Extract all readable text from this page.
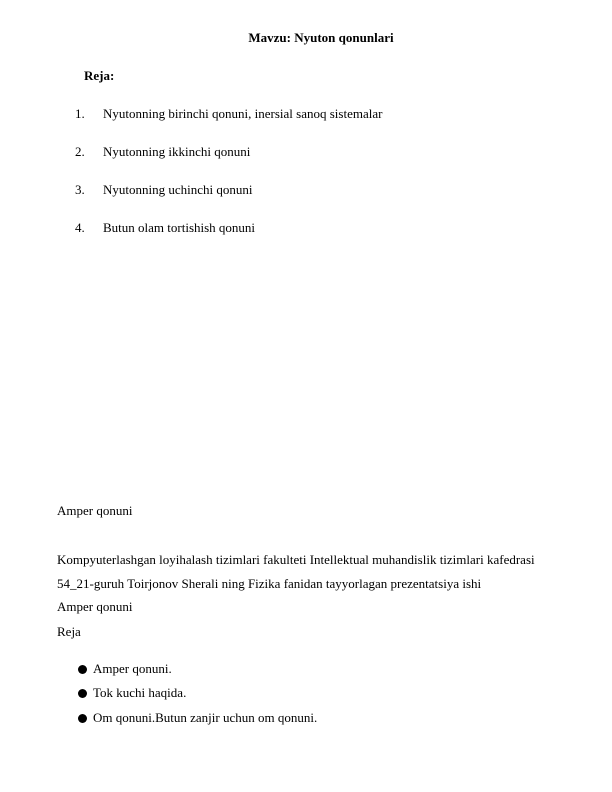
Mavzu: Nyuton qonunlari
Reja:
1. Nyutonning birinchi qonuni, inersial sanoq sistemalar
2. Nyutonning ikkinchi qonuni
3. Nyutonning uchinchi qonuni
4. Butun olam tortishish qonuni
Amper qonuni
Kompyuterlashgan loyihalash tizimlari fakulteti Intellektual muhandislik tizimlari kafedrasi
54_21-guruh Toirjonov Sherali ning Fizika fanidan tayyorlagan prezentatsiya ishi
Amper qonuni
Reja
Amper qonuni.
Tok kuchi haqida.
Om qonuni.Butun zanjir uchun om qonuni.
